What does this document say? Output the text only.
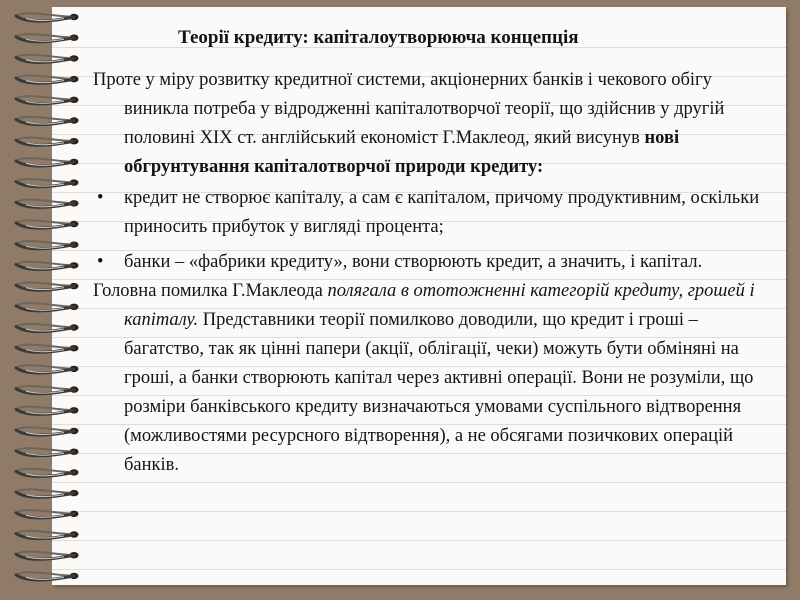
Теорії кредиту: капіталоутворююча концепція

Проте у міру розвитку кредитної системи, акціонерних банків і чекового обігу виникла потреба у відродженні капіталотворчої теорії, що здійснив у другій половині XIX ст. англійський економіст Г.Маклеод, який висунув нові обгрунтування капіталотворчої природи кредиту:

• кредит не створює капіталу, а сам є капіталом, причому продуктивним, оскільки приносить прибуток у вигляді процента;

• банки – «фабрики кредиту», вони створюють кредит, а значить, і капітал.

Головна помилка Г.Маклеода полягала в ототожненні категорій кредиту, грошей і капіталу. Представники теорії помилково доводили, що кредит і гроші – багатство, так як цінні папери (акції, облігації, чеки) можуть бути обміняні на гроші, а банки створюють капітал через активні операції. Вони не розуміли, що розміри банківського кредиту визначаються умовами суспільного відтворення (можливостями ресурсного відтворення), а не обсягами позичкових операцій банків.
